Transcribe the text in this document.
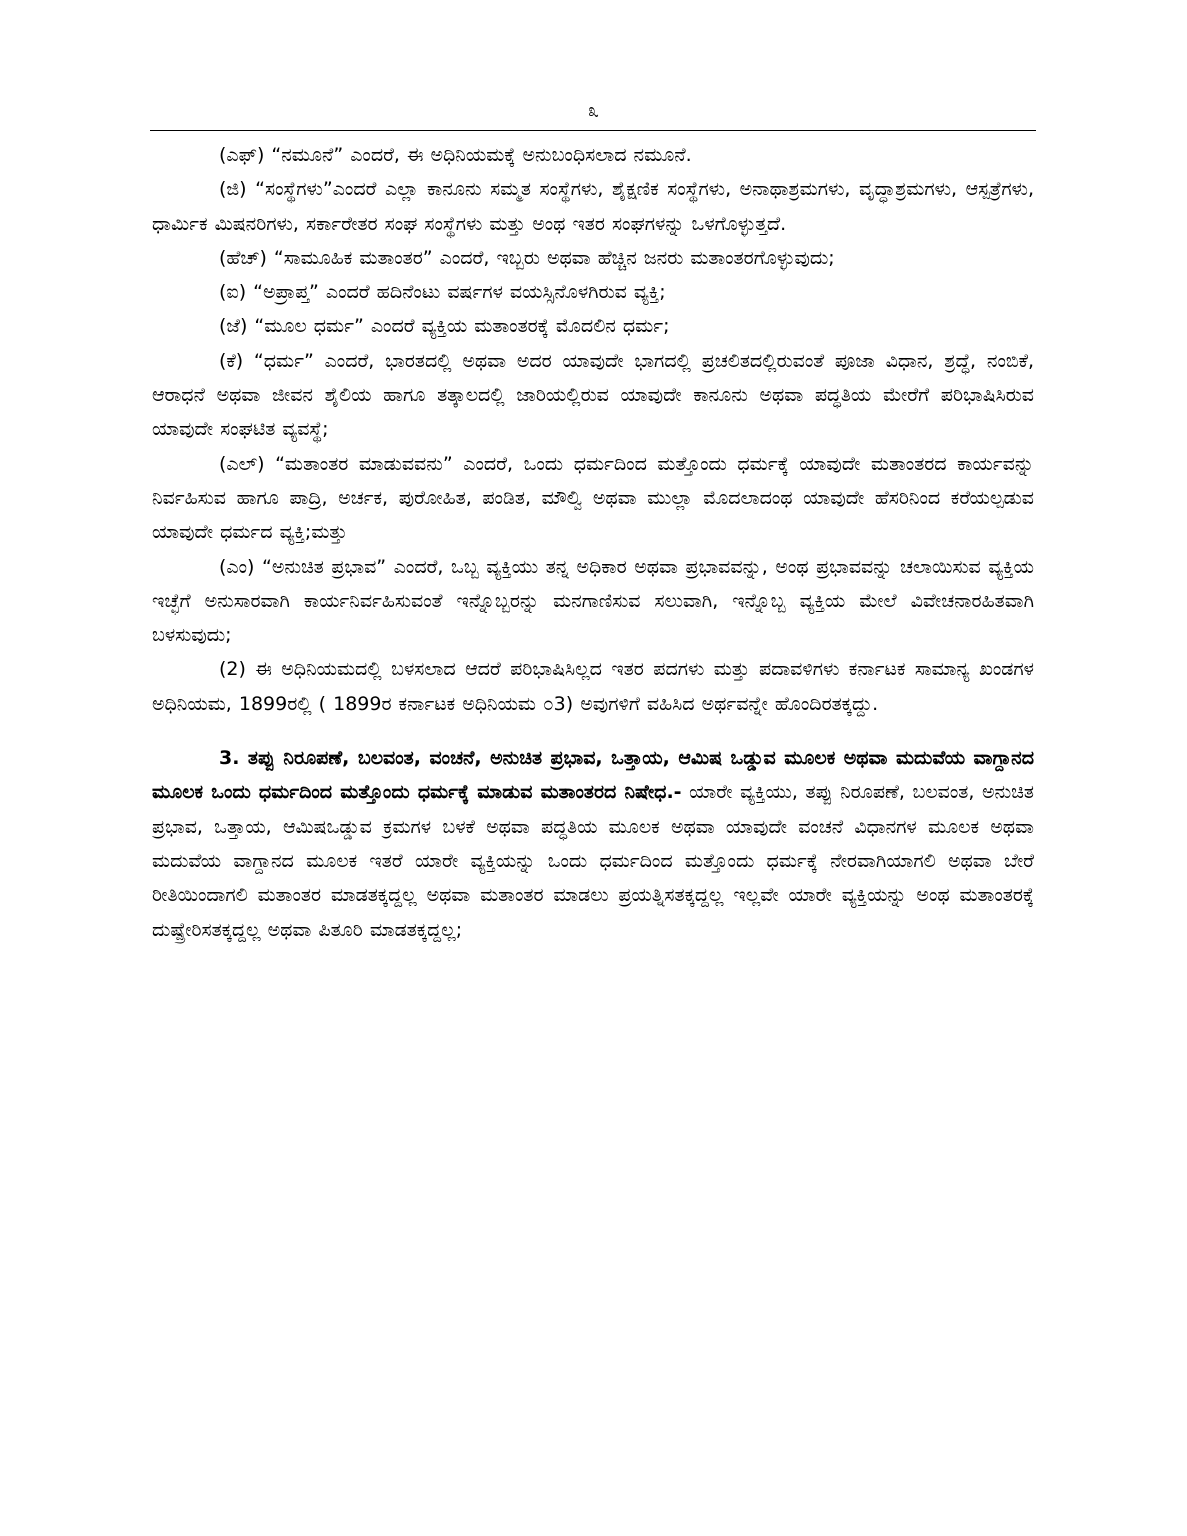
೩

(ಎಫ್) “ನಮೂನೆ” ಎಂದರೆ, ಈ ಅಧಿನಿಯಮಕ್ಕೆ ಅನುಬಂಧಿಸಲಾದ ನಮೂನೆ.

(ಜಿ) “ಸಂಸ್ಥೆಗಳು”ಎಂದರೆ ಎಲ್ಲಾ ಕಾನೂನು ಸಮ್ಮತ ಸಂಸ್ಥೆಗಳು, ಶೈಕ್ಷಣಿಕ ಸಂಸ್ಥೆಗಳು, ಅನಾಥಾಶ್ರಮಗಳು, ವೃದ್ಧಾಶ್ರಮಗಳು, ಆಸ್ಪತ್ರೆಗಳು, ಧಾರ್ಮಿಕ ಮಿಷನರಿಗಳು, ಸರ್ಕಾರೇತರ ಸಂಘ ಸಂಸ್ಥೆಗಳು ಮತ್ತು ಅಂಥ ಇತರ ಸಂಘಗಳನ್ನು ಒಳಗೊಳ್ಳುತ್ತದೆ.

(ಹೆಚ್) “ಸಾಮೂಹಿಕ ಮತಾಂತರ” ಎಂದರೆ, ಇಬ್ಬರು ಅಥವಾ ಹೆಚ್ಚಿನ ಜನರು ಮತಾಂತರಗೊಳ್ಳುವುದು;

(ಐ) “ಅಪ್ರಾಪ್ತ” ಎಂದರೆ ಹದಿನೆಂಟು ವರ್ಷಗಳ ವಯಸ್ಸಿನೊಳಗಿರುವ ವ್ಯಕ್ತಿ;

(ಜೆ) “ಮೂಲ ಧರ್ಮ” ಎಂದರೆ ವ್ಯಕ್ತಿಯ ಮತಾಂತರಕ್ಕೆ ಮೊದಲಿನ ಧರ್ಮ;

(ಕೆ) “ಧರ್ಮ” ಎಂದರೆ, ಭಾರತದಲ್ಲಿ ಅಥವಾ ಅದರ ಯಾವುದೇ ಭಾಗದಲ್ಲಿ ಪ್ರಚಲಿತದಲ್ಲಿರುವಂತೆ ಪೂಜಾ ವಿಧಾನ, ಶ್ರದ್ಧೆ, ನಂಬಿಕೆ, ಆರಾಧನೆ ಅಥವಾ ಜೀವನ ಶೈಲಿಯ ಹಾಗೂ ತತ್ಕಾಲದಲ್ಲಿ ಜಾರಿಯಲ್ಲಿರುವ ಯಾವುದೇ ಕಾನೂನು ಅಥವಾ ಪದ್ಧತಿಯ ಮೇರೆಗೆ ಪರಿಭಾಷಿಸಿರುವ ಯಾವುದೇ ಸಂಘಟಿತ ವ್ಯವಸ್ಥೆ;

(ಎಲ್) “ಮತಾಂತರ ಮಾಡುವವನು” ಎಂದರೆ, ಒಂದು ಧರ್ಮದಿಂದ ಮತ್ತೊಂದು ಧರ್ಮಕ್ಕೆ ಯಾವುದೇ ಮತಾಂತರದ ಕಾರ್ಯವನ್ನು ನಿರ್ವಹಿಸುವ ಹಾಗೂ ಪಾದ್ರಿ, ಅರ್ಚಕ, ಪುರೋಹಿತ, ಪಂಡಿತ, ಮೌಲ್ವಿ ಅಥವಾ ಮುಲ್ಲಾ ಮೊದಲಾದಂಥ ಯಾವುದೇ ಹೆಸರಿನಿಂದ ಕರೆಯಲ್ಪಡುವ ಯಾವುದೇ ಧರ್ಮದ ವ್ಯಕ್ತಿ;ಮತ್ತು

(ಎಂ) “ಅನುಚಿತ ಪ್ರಭಾವ” ಎಂದರೆ, ಒಬ್ಬ ವ್ಯಕ್ತಿಯು ತನ್ನ ಅಧಿಕಾರ ಅಥವಾ ಪ್ರಭಾವವನ್ನು, ಅಂಥ ಪ್ರಭಾವವನ್ನು ಚಲಾಯಿಸುವ ವ್ಯಕ್ತಿಯ ಇಚ್ಛೆಗೆ ಅನುಸಾರವಾಗಿ ಕಾರ್ಯನಿರ್ವಹಿಸುವಂತೆ ಇನ್ನೊಬ್ಬರನ್ನು ಮನಗಾಣಿಸುವ ಸಲುವಾಗಿ, ಇನ್ನೊಬ್ಬ ವ್ಯಕ್ತಿಯ ಮೇಲೆ ವಿವೇಚನಾರಹಿತವಾಗಿ ಬಳಸುವುದು;

(2) ಈ ಅಧಿನಿಯಮದಲ್ಲಿ ಬಳಸಲಾದ ಆದರೆ ಪರಿಭಾಷಿಸಿಲ್ಲದ ಇತರ ಪದಗಳು ಮತ್ತು ಪದಾವಳಿಗಳು ಕರ್ನಾಟಕ ಸಾಮಾನ್ಯ ಖಂಡಗಳ ಅಧಿನಿಯಮ, 1899ರಲ್ಲಿ ( 1899ರ ಕರ್ನಾಟಕ ಅಧಿನಿಯಮ ೦3) ಅವುಗಳಿಗೆ ವಹಿಸಿದ ಅರ್ಥವನ್ನೇ ಹೊಂದಿರತಕ್ಕದ್ದು.

3. ತಪ್ಪು ನಿರೂಪಣೆ, ಬಲವಂತ, ವಂಚನೆ, ಅನುಚಿತ ಪ್ರಭಾವ, ಒತ್ತಾಯ, ಆಮಿಷ ಒಡ್ಡುವ ಮೂಲಕ ಅಥವಾ ಮದುವೆಯ ವಾಗ್ದಾನದ ಮೂಲಕ ಒಂದು ಧರ್ಮದಿಂದ ಮತ್ತೊಂದು ಧರ್ಮಕ್ಕೆ ಮಾಡುವ ಮತಾಂತರದ ನಿಷೇಧ.- ಯಾರೇ ವ್ಯಕ್ತಿಯು, ತಪ್ಪು ನಿರೂಪಣೆ, ಬಲವಂತ, ಅನುಚಿತ ಪ್ರಭಾವ, ಒತ್ತಾಯ, ಆಮಿಷಒಡ್ಡುವ ಕ್ರಮಗಳ ಬಳಕೆ ಅಥವಾ ಪದ್ಧತಿಯ ಮೂಲಕ ಅಥವಾ ಯಾವುದೇ ವಂಚನೆ ವಿಧಾನಗಳ ಮೂಲಕ ಅಥವಾ ಮದುವೆಯ ವಾಗ್ದಾನದ ಮೂಲಕ ಇತರೆ ಯಾರೇ ವ್ಯಕ್ತಿಯನ್ನು ಒಂದು ಧರ್ಮದಿಂದ ಮತ್ತೊಂದು ಧರ್ಮಕ್ಕೆ ನೇರವಾಗಿಯಾಗಲಿ ಅಥವಾ ಬೇರೆ ರೀತಿಯಿಂದಾಗಲಿ ಮತಾಂತರ ಮಾಡತಕ್ಕದ್ದಲ್ಲ ಅಥವಾ ಮತಾಂತರ ಮಾಡಲು ಪ್ರಯತ್ನಿಸತಕ್ಕದ್ದಲ್ಲ ಇಲ್ಲವೇ ಯಾರೇ ವ್ಯಕ್ತಿಯನ್ನು ಅಂಥ ಮತಾಂತರಕ್ಕೆ ದುಷ್ಪ್ರೇರಿಸತಕ್ಕದ್ದಲ್ಲ ಅಥವಾ ಪಿತೂರಿ ಮಾಡತಕ್ಕದ್ದಲ್ಲ;
